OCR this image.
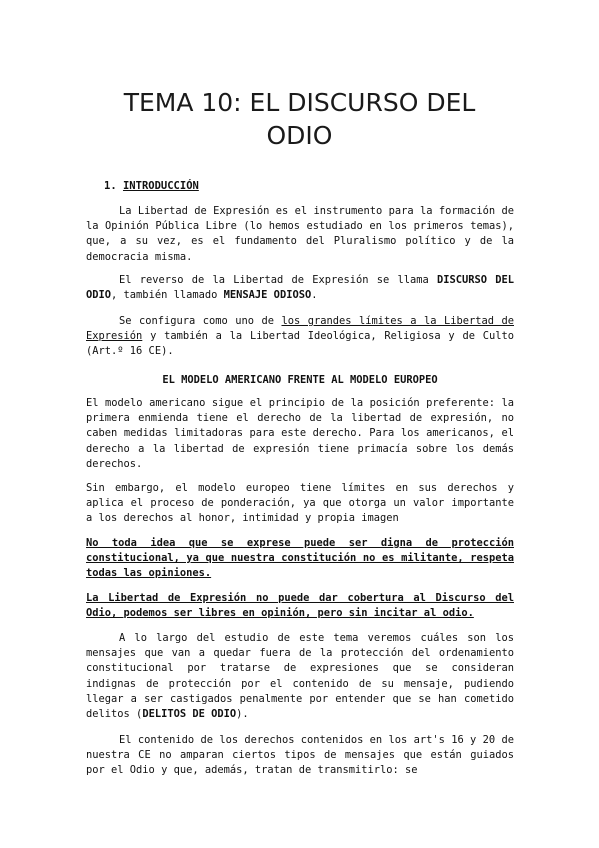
TEMA 10: EL DISCURSO DEL
ODIO
1. INTRODUCCIÓN
La Libertad de Expresión es el instrumento para la formación de la Opinión Pública Libre (lo hemos estudiado en los primeros temas), que, a su vez, es el fundamento del Pluralismo político y de la democracia misma.
El reverso de la Libertad de Expresión se llama DISCURSO DEL ODIO, también llamado MENSAJE ODIOSO.
Se configura como uno de los grandes límites a la Libertad de Expresión y también a la Libertad Ideológica, Religiosa y de Culto (Art.º 16 CE).
EL MODELO AMERICANO FRENTE AL MODELO EUROPEO
El modelo americano sigue el principio de la posición preferente: la primera enmienda tiene el derecho de la libertad de expresión, no caben medidas limitadoras para este derecho. Para los americanos, el derecho a la libertad de expresión tiene primacía sobre los demás derechos.
Sin embargo, el modelo europeo tiene límites en sus derechos y aplica el proceso de ponderación, ya que otorga un valor importante a los derechos al honor, intimidad y propia imagen
No toda idea que se exprese puede ser digna de protección constitucional, ya que nuestra constitución no es militante, respeta todas las opiniones.
La Libertad de Expresión no puede dar cobertura al Discurso del Odio, podemos ser libres en opinión, pero sin incitar al odio.
A lo largo del estudio de este tema veremos cuáles son los mensajes que van a quedar fuera de la protección del ordenamiento constitucional por tratarse de expresiones que se consideran indignas de protección por el contenido de su mensaje, pudiendo llegar a ser castigados penalmente por entender que se han cometido delitos (DELITOS DE ODIO).
El contenido de los derechos contenidos en los art's 16 y 20 de nuestra CE no amparan ciertos tipos de mensajes que están guiados por el Odio y que, además, tratan de transmitirlo: se
